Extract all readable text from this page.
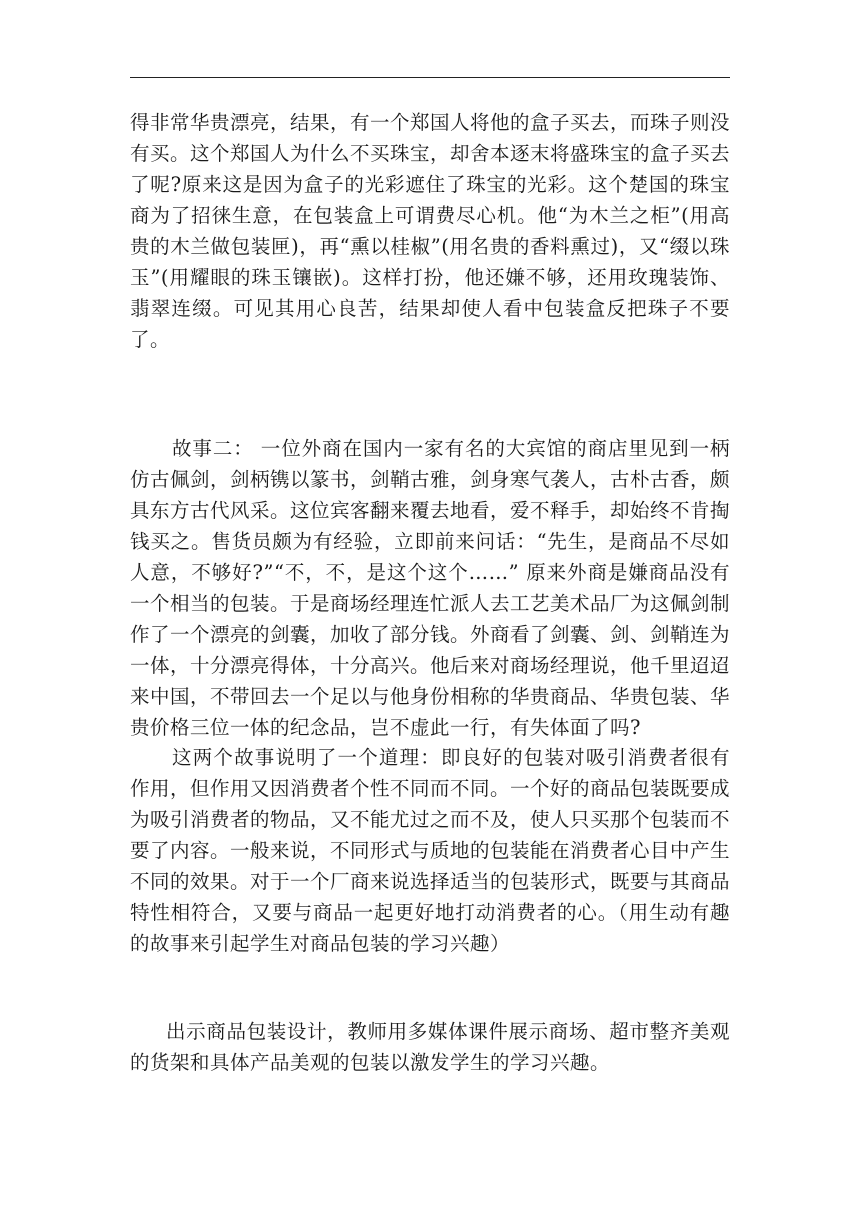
得非常华贵漂亮，结果，有一个郑国人将他的盒子买去，而珠子则没有买。这个郑国人为什么不买珠宝，却舍本逐末将盛珠宝的盒子买去了呢?原来这是因为盒子的光彩遮住了珠宝的光彩。这个楚国的珠宝商为了招徕生意，在包装盒上可谓费尽心机。他“为木兰之柜”(用高贵的木兰做包装匣)，再“熏以桂椒”(用名贵的香料熏过)，又“缀以珠玉”(用耀眼的珠玉镶嵌)。这样打扮，他还嫌不够，还用玫瑰装饰、翡翠连缀。可见其用心良苦，结果却使人看中包装盒反把珠子不要了。

故事二： 一位外商在国内一家有名的大宾馆的商店里见到一柄仿古佩剑，剑柄镌以篆书，剑鞘古雅，剑身寒气袭人，古朴古香，颇具东方古代风采。这位宾客翻来覆去地看，爱不释手，却始终不肯掏钱买之。售货员颇为有经验，立即前来问话：“先生，是商品不尽如人意，不够好?”“不，不，是这个这个……” 原来外商是嫌商品没有一个相当的包装。于是商场经理连忙派人去工艺美术品厂为这佩剑制作了一个漂亮的剑囊，加收了部分钱。外商看了剑囊、剑、剑鞘连为一体，十分漂亮得体，十分高兴。他后来对商场经理说，他千里迢迢来中国，不带回去一个足以与他身份相称的华贵商品、华贵包装、华贵价格三位一体的纪念品，岂不虚此一行，有失体面了吗?

这两个故事说明了一个道理：即良好的包装对吸引消费者很有作用，但作用又因消费者个性不同而不同。一个好的商品包装既要成为吸引消费者的物品，又不能尤过之而不及，使人只买那个包装而不要了内容。一般来说，不同形式与质地的包装能在消费者心目中产生不同的效果。对于一个厂商来说选择适当的包装形式，既要与其商品特性相符合，又要与商品一起更好地打动消费者的心。（用生动有趣的故事来引起学生对商品包装的学习兴趣）

出示商品包装设计，教师用多媒体课件展示商场、超市整齐美观的货架和具体产品美观的包装以激发学生的学习兴趣。
